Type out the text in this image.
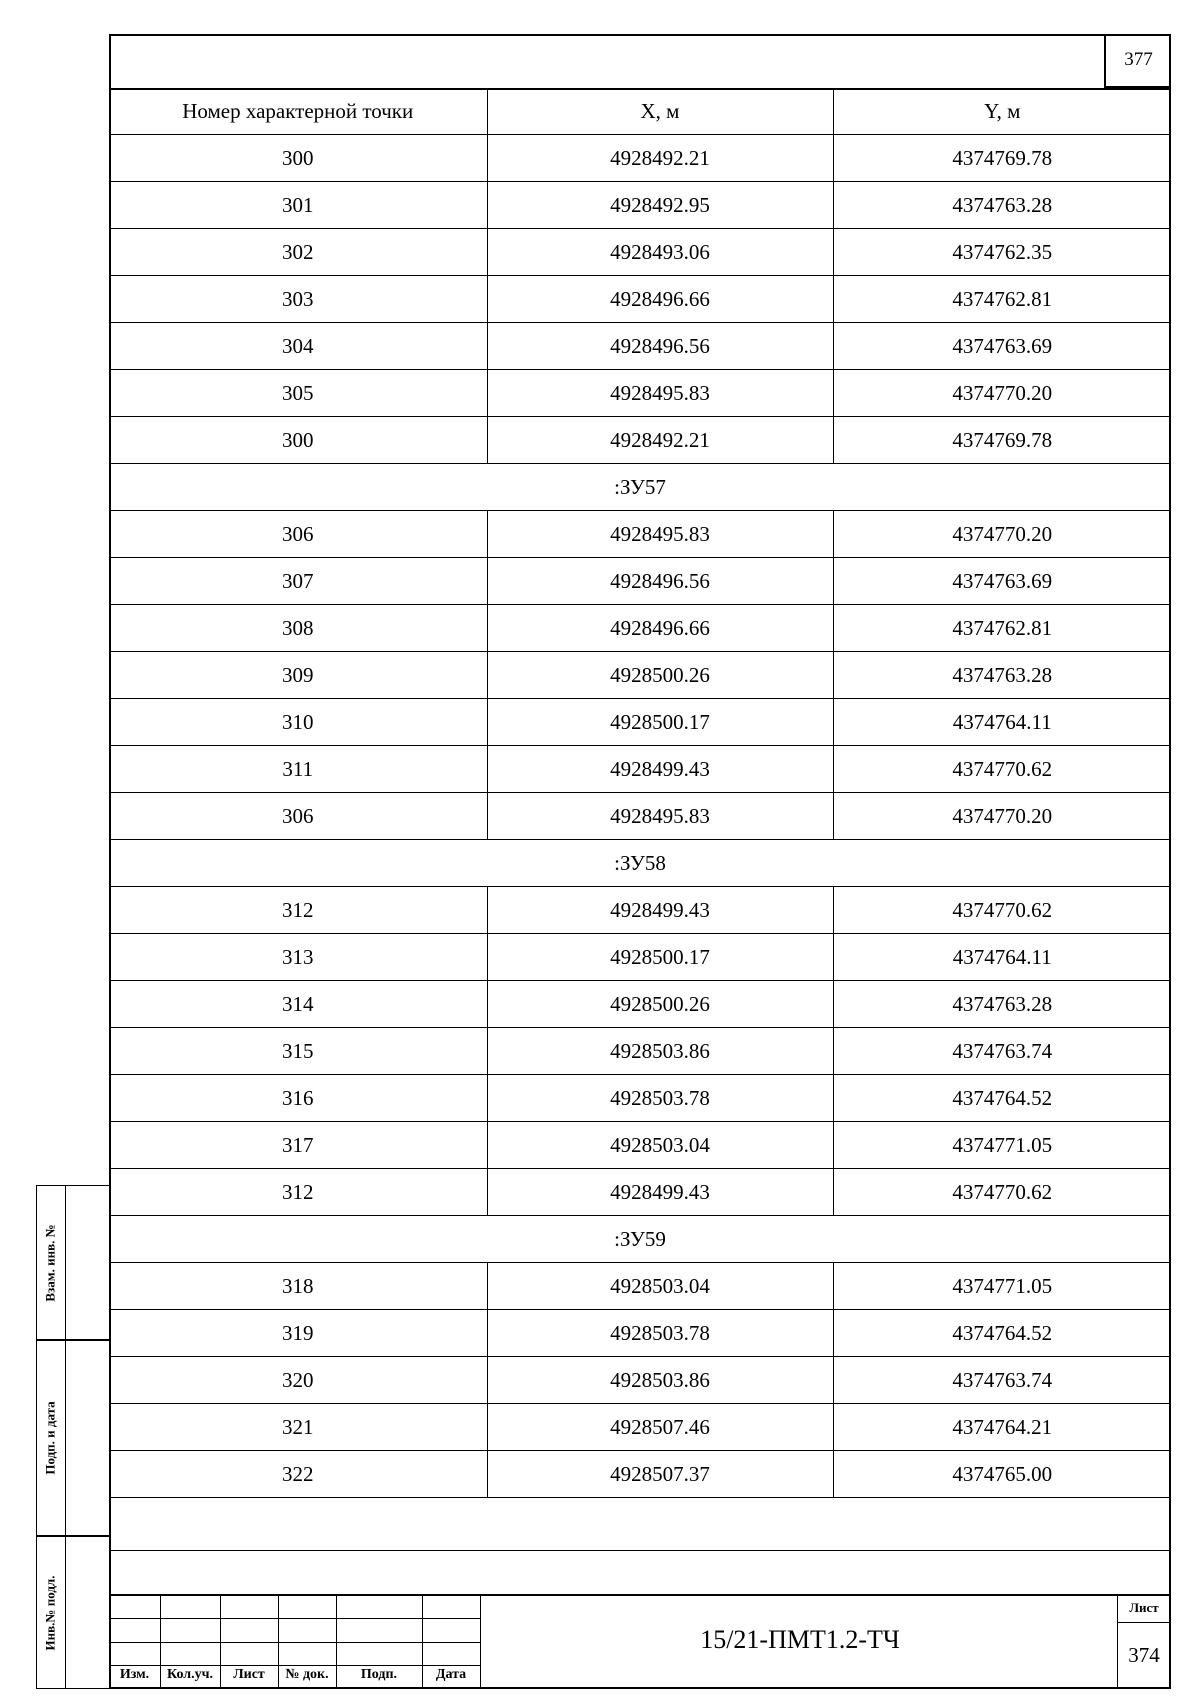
377
Номер характерной точки	X, м	Y, м
300	4928492.21	4374769.78
301	4928492.95	4374763.28
302	4928493.06	4374762.35
303	4928496.66	4374762.81
304	4928496.56	4374763.69
305	4928495.83	4374770.20
300	4928492.21	4374769.78
:ЗУ57		
306	4928495.83	4374770.20
307	4928496.56	4374763.69
308	4928496.66	4374762.81
309	4928500.26	4374763.28
310	4928500.17	4374764.11
311	4928499.43	4374770.62
306	4928495.83	4374770.20
:ЗУ58		
312	4928499.43	4374770.62
313	4928500.17	4374764.11
314	4928500.26	4374763.28
315	4928503.86	4374763.74
316	4928503.78	4374764.52
317	4928503.04	4374771.05
312	4928499.43	4374770.62
:ЗУ59		
318	4928503.04	4374771.05
319	4928503.78	4374764.52
320	4928503.86	4374763.74
321	4928507.46	4374764.21
322	4928507.37	4374765.00
Взам. инв. №
Подп. и дата
Инв.№ подл.
Изм.	Кол.уч.	Лист	№ док.	Подп.	Дата
15/21-ПМТ1.2-ТЧ
Лист
374
